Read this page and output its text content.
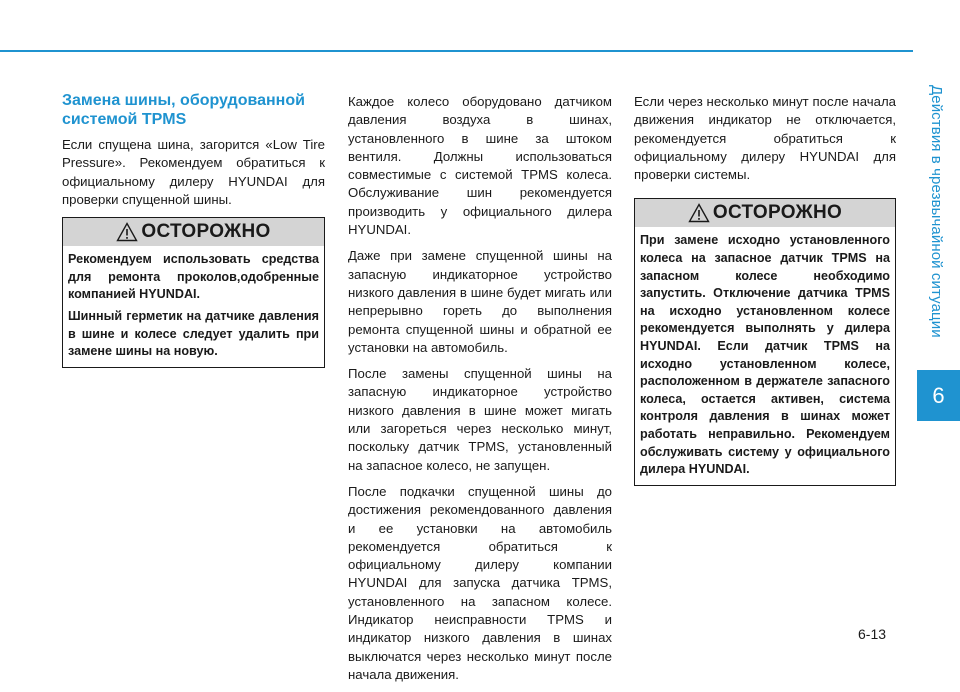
Действия в чрезвычайной ситуации
6
Замена шины, оборудованной системой TPMS

Если спущена шина, загорится «Low Tire Pressure». Рекомендуем обратиться к официальному дилеру HYUNDAI для проверки спущенной шины.

ОСТОРОЖНО

Рекомендуем использовать средства для ремонта проколов,одобренные компанией HYUNDAI.

Шинный герметик на датчике давления в шине и колесе следует удалить при замене шины на новую.

Каждое колесо оборудовано датчиком давления воздуха в шинах, установленного в шине за штоком вентиля. Должны использоваться совместимые с системой TPMS колеса. Обслуживание шин рекомендуется производить у официального дилера HYUNDAI.

Даже при замене спущенной шины на запасную индикаторное устройство низкого давления в шине будет мигать или непрерывно гореть до выполнения ремонта спущенной шины и обратной ее установки на автомобиль.

После замены спущенной шины на запасную индикаторное устройство низкого давления в шине может мигать или загореться через несколько минут, поскольку датчик TPMS, установленный на запасное колесо, не запущен.

После подкачки спущенной шины до достижения рекомендованного давления и ее установки на автомобиль рекомендуется обратиться к официальному дилеру компании HYUNDAI для запуска датчика TPMS, установленного на запасном колесе. Индикатор неисправности TPMS и индикатор низкого давления в шинах выключатся через несколько минут после начала движения.

Если через несколько минут после начала движения индикатор не отключается, рекомендуется обратиться к официальному дилеру HYUNDAI для проверки системы.

ОСТОРОЖНО

При замене исходно установленного колеса на запасное датчик TPMS на запасном колесе необходимо запустить. Отключение датчика TPMS на исходно установленном колесе рекомендуется выполнять у дилера HYUNDAI. Если датчик TPMS на исходно установленном колесе, расположенном в держателе запасного колеса, остается активен, система контроля давления в шинах может работать неправильно. Рекомендуем обслуживать систему у официального дилера HYUNDAI.

6-13
